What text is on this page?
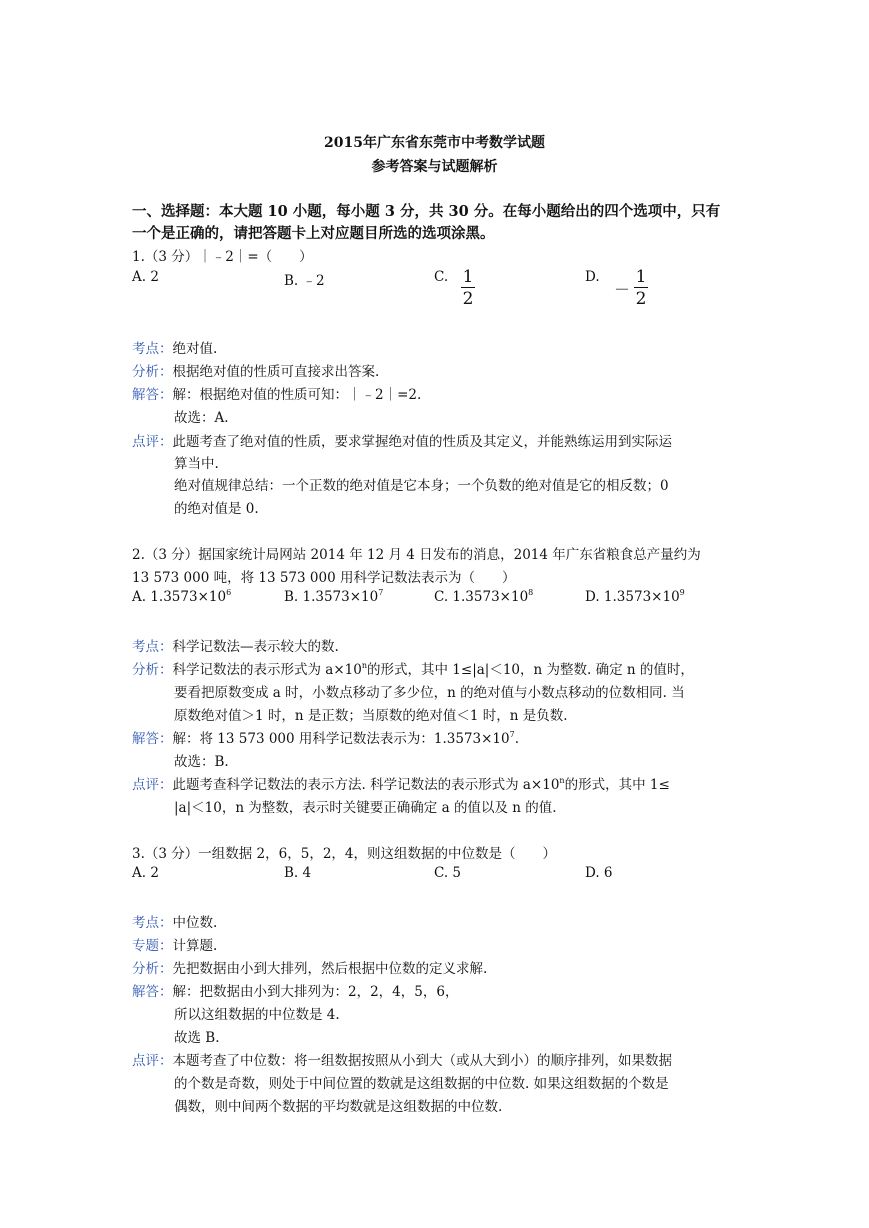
2015年广东省东莞市中考数学试题
参考答案与试题解析
一、选择题：本大题 10 小题，每小题 3 分，共 30 分。在每小题给出的四个选项中，只有
一个是正确的，请把答题卡上对应题目所选的选项涂黑。
1.（3 分）｜﹣2｜=（　　）
A. 2	B. ﹣2	C. 1
2
D.
－
1
2
考点：绝对值.
分析：根据绝对值的性质可直接求出答案.
解答：解：根据绝对值的性质可知：｜﹣2｜=2.
故选：A.
点评：此题考查了绝对值的性质，要求掌握绝对值的性质及其定义，并能熟练运用到实际运
算当中.
绝对值规律总结：一个正数的绝对值是它本身；一个负数的绝对值是它的相反数；0
的绝对值是 0.
2.（3 分）据国家统计局网站 2014 年 12 月 4 日发布的消息，2014 年广东省粮食总产量约为
13 573 000 吨，将 13 573 000 用科学记数法表示为（　　）
A. $1.3573\times 10^6$	B. $1.3573\times 10^7$	C. $1.3573\times 10^8$	D. $1.3573\times 10^9$
考点：科学记数法—表示较大的数.
分析：科学记数法的表示形式为 $a\times 10^n$的形式，其中 1≤|a|＜10，n 为整数. 确定 n 的值时，
要看把原数变成 a 时，小数点移动了多少位，n 的绝对值与小数点移动的位数相同. 当
原数绝对值＞1 时，n 是正数；当原数的绝对值＜1 时，n 是负数.
解答：解：将 13 573 000 用科学记数法表示为：$1.3573\times 10^7$.
故选：B.
点评：此题考查科学记数法的表示方法. 科学记数法的表示形式为 $a\times 10^n$的形式，其中 1≤
|a|＜10，n 为整数，表示时关键要正确确定 a 的值以及 n 的值.
3.（3 分）一组数据 2，6，5，2，4，则这组数据的中位数是（　　）
A. 2	B. 4	C. 5	D. 6
考点：中位数.
专题：计算题.
分析：先把数据由小到大排列，然后根据中位数的定义求解.
解答：解：把数据由小到大排列为：2，2，4，5，6，
所以这组数据的中位数是 4.
故选 B.
点评：本题考查了中位数：将一组数据按照从小到大（或从大到小）的顺序排列，如果数据
的个数是奇数，则处于中间位置的数就是这组数据的中位数. 如果这组数据的个数是
偶数，则中间两个数据的平均数就是这组数据的中位数.
